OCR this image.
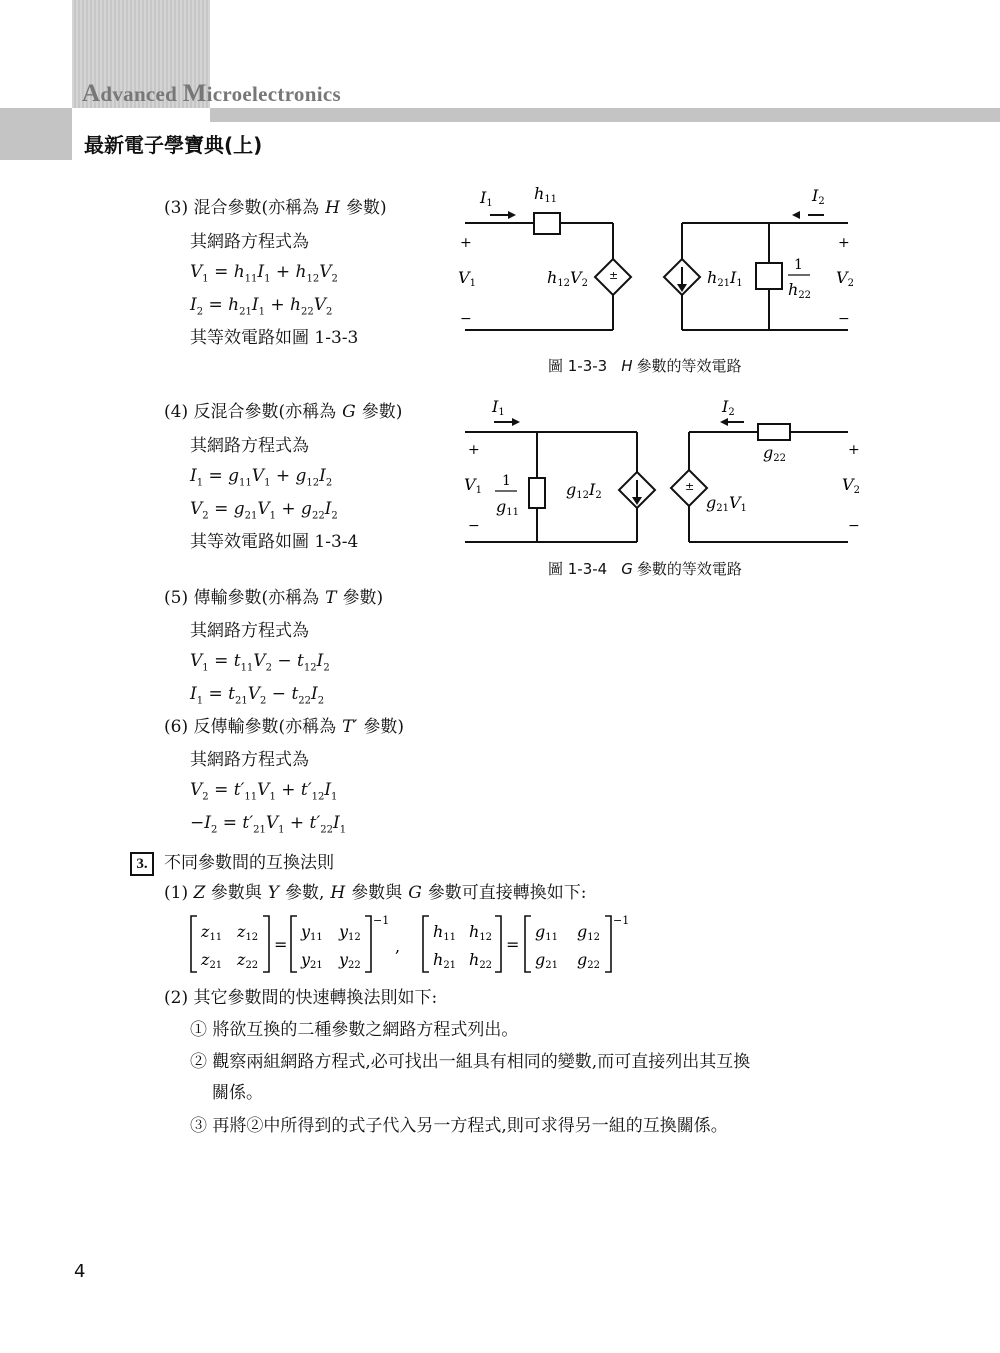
Advanced Microelectronics
最新電子學寶典(上)
(3) 混合參數(亦稱為 H 參數)
其網路方程式為
$V_1 = h_{11}I_1 + h_{12}V_2$
$I_2 = h_{21}I_1 + h_{22}V_2$
其等效電路如圖 1-3-3
±
I1
h11	I2
+
−
+
−
V1	h12V2	h21I1
1
h22
V2
圖 1-3-3 H 參數的等效電路
(4) 反混合參數(亦稱為 G 參數)
其網路方程式為
$I_1 = g_{11}V_1 + g_{12}I_2$
$V_2 = g_{21}V_1 + g_{22}I_2$
其等效電路如圖 1-3-4
±
I1	I2
g22
+
−
+
−
V1
1
g11
g12I2	g21V1
V2
圖 1-3-4 G 參數的等效電路
(5) 傳輸參數(亦稱為 T 參數)
其網路方程式為
$V_1 = t_{11}V_2 - t_{12}I_2$
$I_1 = t_{21}V_2 - t_{22}I_2$
(6) 反傳輸參數(亦稱為 T′ 參數)
其網路方程式為
$V_2 = t'_{11}V_1 + t'_{12}I_1$
$-I_2 = t'_{21}V_1 + t'_{22}I_1$
3. 不同參數間的互換法則
(1) Z 參數與 Y 參數, H 參數與 G 參數可直接轉換如下:
z11 z12
z21 z22
y11 y12
y21 y22
h11 h12
h21 h22
g11 g12
g21 g22
=	=
−1	−1
,
(2) 其它參數間的快速轉換法則如下:
① 將欲互換的二種參數之網路方程式列出。
② 觀察兩組網路方程式,必可找出一組具有相同的變數,而可直接列出其互換
關係。
③ 再將②中所得到的式子代入另一方程式,則可求得另一組的互換關係。
4
